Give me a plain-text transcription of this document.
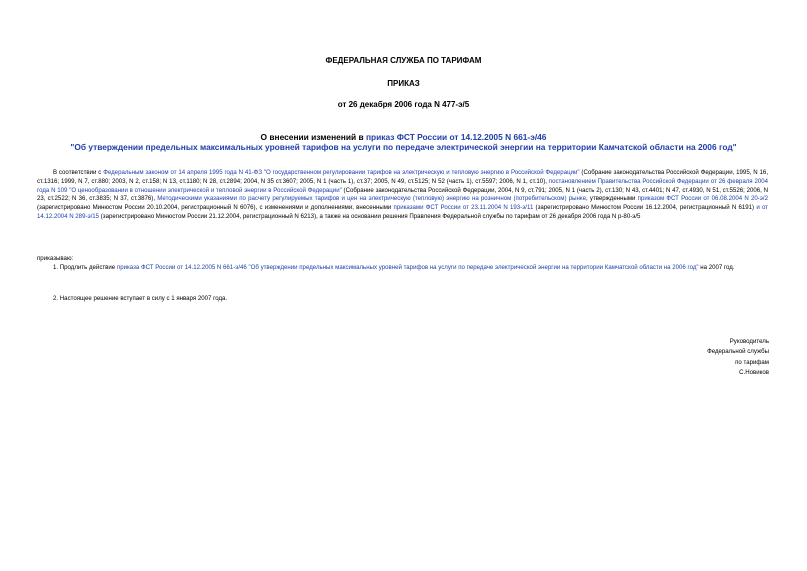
ФЕДЕРАЛЬНАЯ СЛУЖБА ПО ТАРИФАМ
ПРИКАЗ
от 26 декабря 2006 года N 477-э/5
О внесении изменений в приказ ФСТ России от 14.12.2005 N 661-э/46
"Об утверждении предельных максимальных уровней тарифов на услуги по передаче электрической энергии на территории Камчатской области на 2006 год"
В соответствии с Федеральным законом от 14 апреля 1995 года N 41-ФЗ "О государственном регулировании тарифов на электрическую и тепловую энергию в Российской Федерации" (Собрание законодательства Российской Федерации, 1995, N 16, ст.1316; 1999, N 7, ст.880; 2003, N 2, ст.158; N 13, ст.1180; N 28, ст.2894; 2004, N 35 ст.3607; 2005, N 1 (часть 1), ст.37; 2005, N 49, ст.5125; N 52 (часть 1), ст.5597; 2006, N 1, ст.10), постановлением Правительства Российской Федерации от 26 февраля 2004 года N 109 "О ценообразовании в отношении электрической и тепловой энергии в Российской Федерации" (Собрание законодательства Российской Федерации, 2004, N 9, ст.791; 2005, N 1 (часть 2), ст.130; N 43, ст.4401; N 47, ст.4930, N 51, ст.5526; 2006, N 23, ст.2522; N 36, ст.3835; N 37, ст.3876), Методическими указаниями по расчету регулируемых тарифов и цен на электрическую (тепловую) энергию на розничном (потребительском) рынке, утвержденными приказом ФСТ России от 06.08.2004 N 20-э/2 (зарегистрировано Минюстом России 20.10.2004, регистрационный N 6076), с изменениями и дополнениями, внесенными приказами ФСТ России от 23.11.2004 N 193-э/11 (зарегистрировано Минюстом России 16.12.2004, регистрационный N 6191) и от 14.12.2004 N 289-э/15 (зарегистрировано Минюстом России 21.12.2004, регистрационный N 6213), а также на основании решения Правления Федеральной службы по тарифам от 26 декабря 2006 года N р-80-э/5
приказываю:
1. Продлить действие приказа ФСТ России от 14.12.2005 N 661-э/46 "Об утверждении предельных максимальных уровней тарифов на услуги по передаче электрической энергии на территории Камчатской области на 2006 год" на 2007 год.
2. Настоящее решение вступает в силу с 1 января 2007 года.
Руководитель
Федеральной службы
по тарифам
С.Новиков
